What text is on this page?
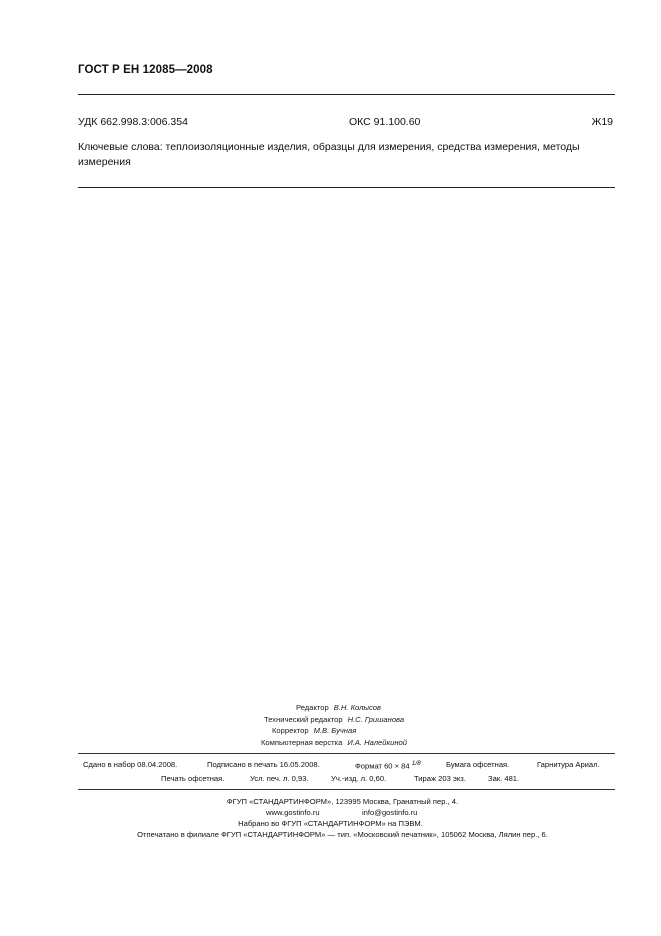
ГОСТ Р ЕН 12085—2008
УДК 662.998.3:006.354	ОКС 91.100.60	Ж19
Ключевые слова: теплоизоляционные изделия, образцы для измерения, средства измерения, методы измерения
Редактор В.Н. Колысов
Технический редактор Н.С. Гришанова
Корректор М.В. Бучная
Компьютерная верстка И.А. Налейкиной
Сдано в набор 08.04.2008.	Подписано в печать 16.05.2008.	Формат 60 × 84 1/8	Бумага офсетная.	Гарнитура Ариал.
Печать офсетная.	Усл. печ. л. 0,93.	Уч.-изд. л. 0,60.	Тираж 203 экз.	Зак. 481.
ФГУП «СТАНДАРТИНФОРМ», 123995 Москва, Гранатный пер., 4.
www.gostinfo.ru	info@gostinfo.ru
Набрано во ФГУП «СТАНДАРТИНФОРМ» на ПЭВМ.
Отпечатано в филиале ФГУП «СТАНДАРТИНФОРМ» — тип. «Московский печатник», 105062 Москва, Лялин пер., 6.
